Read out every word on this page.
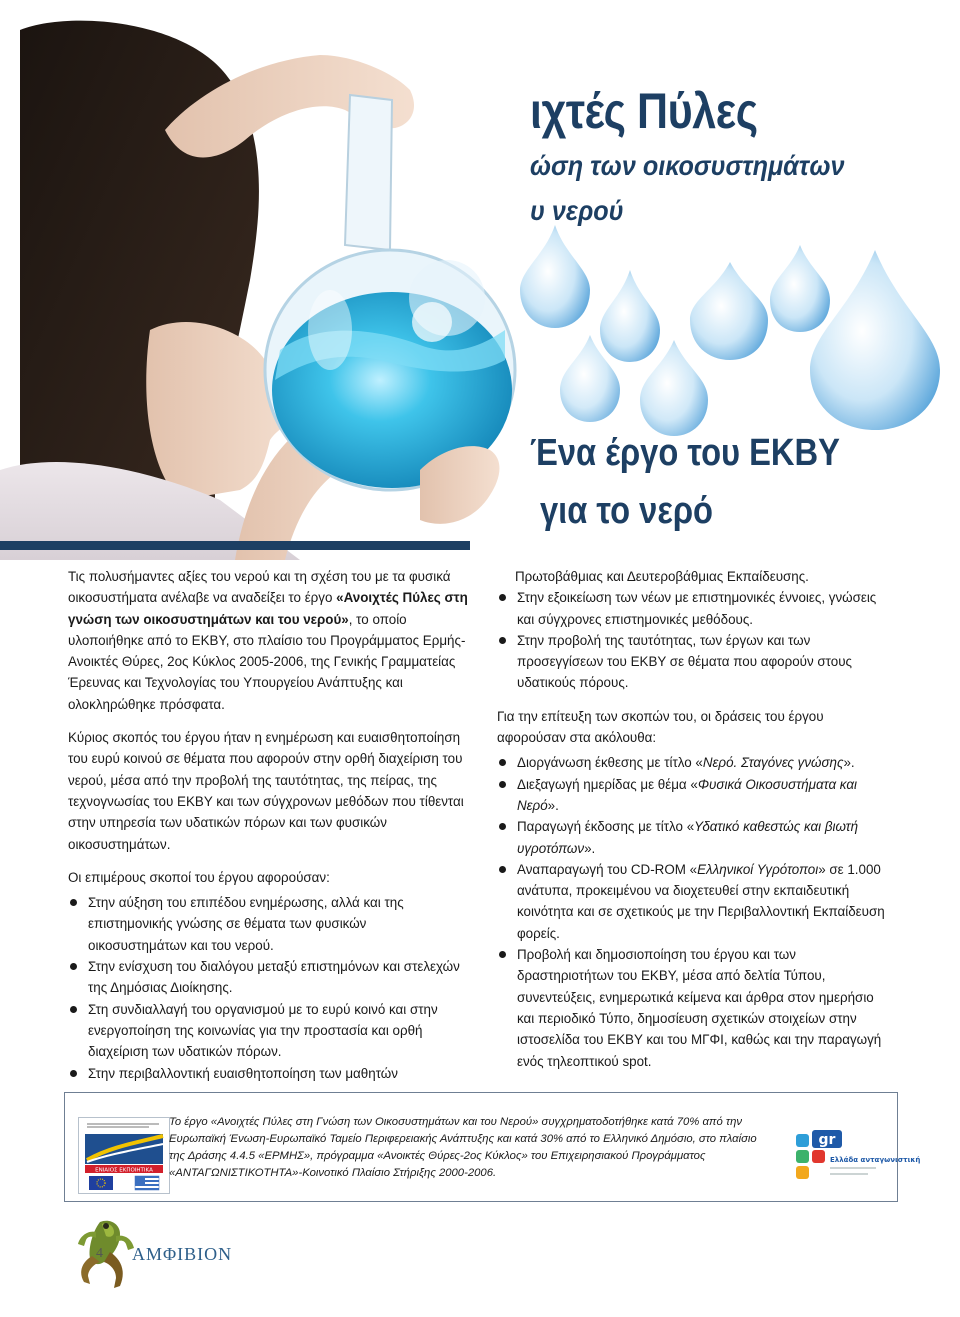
ιχτές Πύλες
ώση των οικοσυστημάτων
υ νερού
Ένα έργο του ΕΚΒΥ
για το νερό

Τις πολυσήμαντες αξίες του νερού και τη σχέση του με τα φυσικά οικοσυστήματα ανέλαβε να αναδείξει το έργο «Ανοιχτές Πύλες στη γνώση των οικοσυστημάτων και του νερού», το οποίο υλοποιήθηκε από το ΕΚΒΥ, στο πλαίσιο του Προγράμματος Ερμής-Ανοικτές Θύρες, 2ος Κύκλος 2005-2006, της Γενικής Γραμματείας Έρευνας και Τεχνολογίας του Υπουργείου Ανάπτυξης και ολοκληρώθηκε πρόσφατα.

Κύριος σκοπός του έργου ήταν η ενημέρωση και ευαισθητοποίηση του ευρύ κοινού σε θέματα που αφορούν στην ορθή διαχείριση του νερού, μέσα από την προβολή της ταυτότητας, της πείρας, της τεχνογνωσίας του ΕΚΒΥ και των σύγχρονων μεθόδων που τίθενται στην υπηρεσία των υδατικών πόρων και των φυσικών οικοσυστημάτων.

Οι επιμέρους σκοποί του έργου αφορούσαν:

Στην αύξηση του επιπέδου ενημέρωσης, αλλά και της επιστημονικής γνώσης σε θέματα των φυσικών οικοσυστημάτων και του νερού.
Στην ενίσχυση του διαλόγου μεταξύ επιστημόνων και στελεχών της Δημόσιας Διοίκησης.
Στη συνδιαλλαγή του οργανισμού με το ευρύ κοινό και στην ενεργοποίηση της κοινωνίας για την προστασία και ορθή διαχείριση των υδατικών πόρων.
Στην περιβαλλοντική ευαισθητοποίηση των μαθητών
Πρωτοβάθμιας και Δευτεροβάθμιας Εκπαίδευσης.
Στην εξοικείωση των νέων με επιστημονικές έννοιες, γνώσεις και σύγχρονες επιστημονικές μεθόδους.
Στην προβολή της ταυτότητας, των έργων και των προσεγγίσεων του ΕΚΒΥ σε θέματα που αφορούν στους υδατικούς πόρους.

Για την επίτευξη των σκοπών του, οι δράσεις του έργου αφορούσαν στα ακόλουθα:

Διοργάνωση έκθεσης με τίτλο «Νερό. Σταγόνες γνώσης».
Διεξαγωγή ημερίδας με θέμα «Φυσικά Οικοσυστήματα και Νερό».
Παραγωγή έκδοσης με τίτλο «Υδατικό καθεστώς και βιωτή υγροτόπων».
Αναπαραγωγή του CD-ROM «Ελληνικοί Υγρότοποι» σε 1.000 ανάτυπα, προκειμένου να διοχετευθεί στην εκπαιδευτική κοινότητα και σε σχετικούς με την Περιβαλλοντική Εκπαίδευση φορείς.
Προβολή και δημοσιοποίηση του έργου και των δραστηριοτήτων του ΕΚΒΥ, μέσα από δελτία Τύπου, συνεντεύξεις, ενημερωτικά κείμενα και άρθρα στον ημερήσιο και περιοδικό Τύπο, δημοσίευση σχετικών στοιχείων στην ιστοσελίδα του ΕΚΒΥ και του ΜΓΦΙ, καθώς και την παραγωγή ενός τηλεοπτικού spot.
ΕΝΙΑΙΟΣ ΕΚΠΟΙΗΤΙΚΑ
Το έργο «Ανοιχτές Πύλες στη Γνώση των Οικοσυστημάτων και του Νερού» συγχρηματοδοτήθηκε κατά 70% από την Ευρωπαϊκή Ένωση-Ευρωπαϊκό Ταμείο Περιφερειακής Ανάπτυξης και κατά 30% από το Ελληνικό Δημόσιο, στο πλαίσιο της Δράσης 4.4.5 «ΕΡΜΗΣ», πρόγραμμα «Ανοικτές Θύρες-2ος Κύκλος» του Επιχειρησιακού Προγράμματος «ΑΝΤΑΓΩΝΙΣΤΙΚΟΤΗΤΑ»-Κοινοτικό Πλαίσιο Στήριξης 2000-2006.
gr
Ελλάδα ανταγωνιστική
4 ΑΜΦΙΒΙΟΝ
